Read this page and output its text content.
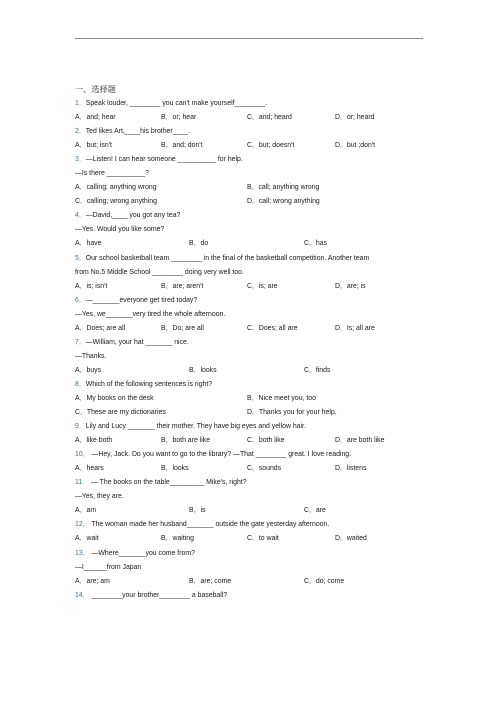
一、选择题
1．Speak louder, ________ you can't make yourself________.
A．and; hear	B．or; hear	C．and; heard	D．or; heard
2．Ted likes Art,____his brother____.
A．but; isn't	B．and; don't	C．but; doesn't	D．but ;don't
3．—Listen! I can hear someone __________ for help.
—Is there __________?
A．calling; anything wrong	B．call; anything wrong
C．calling; wrong anything	D．call; wrong anything
4．—David,____ you got any tea?
—Yes. Would you like some?
A．have	B．do	C．has
5．Our school basketball team ________ in the final of the basketball competition. Another team
from No.5 Middle School ________ doing very well too.
A．is; isn't	B．are; aren't	C．is; are	D．are; is
6．—_______everyone get tired today?
—Yes, we_______very tired the whole afternoon.
A．Does; are all	B．Do; are all	C．Does; all are	D．Is; all are
7．—William, your hat _______ nice.
—Thanks.
A．buys	B．looks	C．finds
8．Which of the following sentences is right?
A．My books on the desk	B．Nice meet you, too
C．These are my dictionaries	D．Thanks you for your help.
9．Lily and Lucy _______ their mother. They have big eyes and yellow hair.
A．like both	B．both are like	C．both like	D．are both like
10． —Hey, Jack. Do you want to go to the library? —That ________ great. I love reading.
A．hears	B．looks	C．sounds	D．listens
11． — The books on the table_________ Mike's, right?
—Yes, they are.
A．am	B．is	C．are
12． The woman made her husband_______ outside the gate yesterday afternoon.
A．wait	B．waiting	C．to wait	D．waited
13． —Where_______you come from?
—I______from Japan
A．are; am	B．are; come	C．do; come
14． ________your brother________ a baseball?
